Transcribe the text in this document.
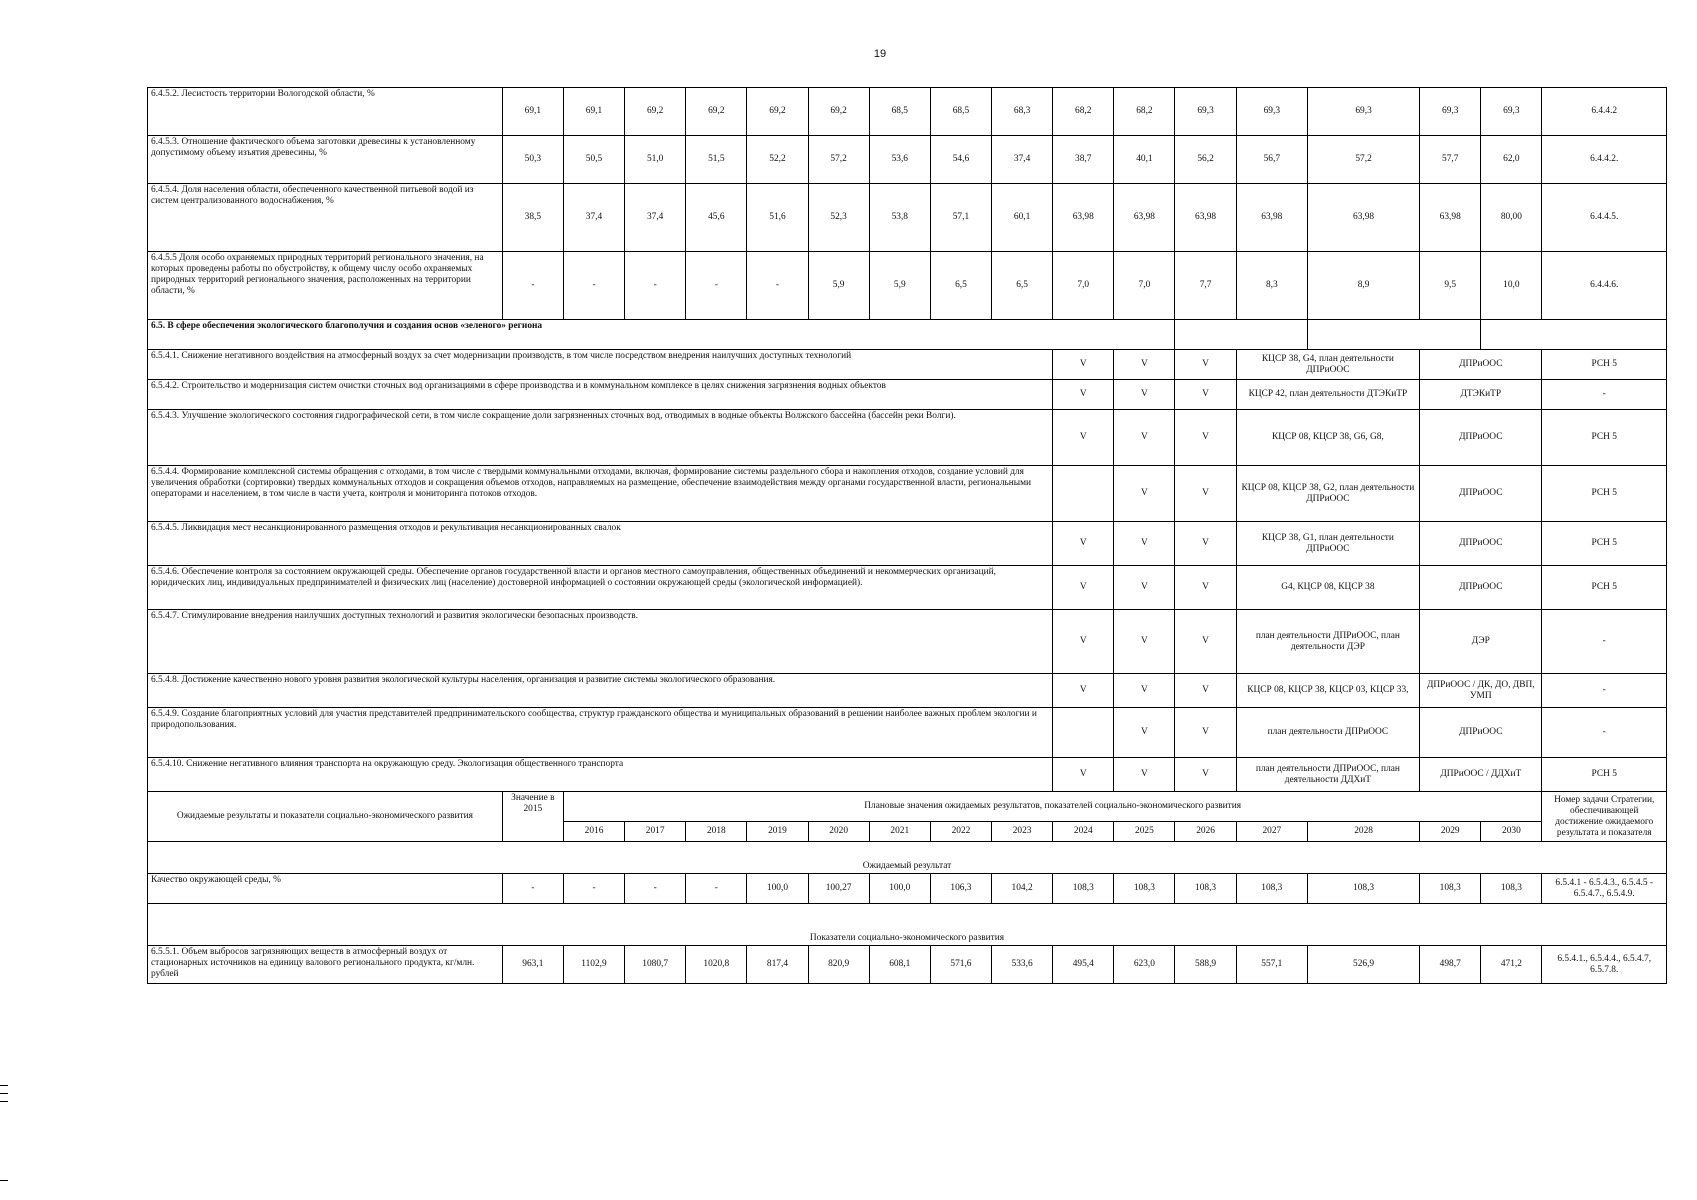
19
6.4.5.2. Лесистость территории Вологодской области, %	69,1	69,1	69,2	69,2	69,2	69,2	68,5	68,5	68,3	68,2	68,2	69,3	69,3	69,3	69,3	69,3	6.4.4.2
6.4.5.3. Отношение фактического объема заготовки древесины к установленному допустимому объему изъятия древесины, %	50,3	50,5	51,0	51,5	52,2	57,2	53,6	54,6	37,4	38,7	40,1	56,2	56,7	57,2	57,7	62,0	6.4.4.2.
6.4.5.4. Доля населения области, обеспеченного качественной питьевой водой из систем централизованного водоснабжения, %	38,5	37,4	37,4	45,6	51,6	52,3	53,8	57,1	60,1	63,98	63,98	63,98	63,98	63,98	63,98	80,00	6.4.4.5.
6.4.5.5 Доля особо охраняемых природных территорий регионального значения, на которых проведены работы по обустройству, к общему числу особо охраняемых природных территорий регионального значения, расположенных на территории области, %	-	-	-	-	-	5,9	5,9	6,5	6,5	7,0	7,0	7,7	8,3	8,9	9,5	10,0	6.4.4.6.
6.5. В сфере обеспечения экологического благополучия и создания основ «зеленого» региона																	
6.5.4.1. Снижение негативного воздействия на атмосферный воздух за счет модернизации производств, в том числе посредством внедрения наилучших доступных технологий										V	V	V	КЦСР 38, G4, план деятельности ДПРиООС		ДПРиООС		РСН 5
6.5.4.2. Строительство и модернизация систем очистки сточных вод организациями в сфере производства и в коммунальном комплексе в целях снижения загрязнения водных объектов										V	V	V	КЦСР 42, план деятельности ДТЭКиТР		ДТЭКиТР		-
6.5.4.3. Улучшение экологического состояния гидрографической сети, в том числе сокращение доли загрязненных сточных вод, отводимых в водные объекты Волжского бассейна (бассейн реки Волги).										V	V	V	КЦСР 08, КЦСР 38, G6, G8,		ДПРиООС		РСН 5
6.5.4.4. Формирование комплексной системы обращения с отходами, в том числе с твердыми коммунальными отходами, включая, формирование системы раздельного сбора и накопления отходов, создание условий для увеличения обработки (сортировки) твердых коммунальных отходов и сокращения объемов отходов, направляемых на размещение, обеспечение взаимодействия между органами государственной власти, региональными операторами и населением, в том числе в части учета, контроля и мониторинга потоков отходов.											V	V	КЦСР 08, КЦСР 38, G2, план деятельности ДПРиООС		ДПРиООС		РСН 5
6.5.4.5. Ликвидация мест несанкционированного размещения отходов и рекультивация несанкционированных свалок										V	V	V	КЦСР 38, G1, план деятельности ДПРиООС		ДПРиООС		РСН 5
6.5.4.6. Обеспечение контроля за состоянием окружающей среды. Обеспечение органов государственной власти и органов местного самоуправления, общественных объединений и некоммерческих организаций, юридических лиц, индивидуальных предпринимателей и физических лиц (население) достоверной информацией о состоянии окружающей среды (экологической информацией).										V	V	V	G4, КЦСР 08, КЦСР 38		ДПРиООС		РСН 5
6.5.4.7. Стимулирование внедрения наилучших доступных технологий и развития экологически безопасных производств.										V	V	V	план деятельности ДПРиООС, план деятельности ДЭР		ДЭР		-
6.5.4.8. Достижение качественно нового уровня развития экологической культуры населения, организация и развитие системы экологического образования.										V	V	V	КЦСР 08, КЦСР 38, КЦСР 03, КЦСР 33,		ДПРиООС / ДК, ДО, ДВП, УМП		-
6.5.4.9. Создание благоприятных условий для участия представителей предпринимательского сообщества, структур гражданского общества и муниципальных образований в решении наиболее важных проблем экологии и природопользования.											V	V	план деятельности ДПРиООС		ДПРиООС		-
6.5.4.10. Снижение негативного влияния транспорта на окружающую среду. Экологизация общественного транспорта										V	V	V	план деятельности ДПРиООС, план деятельности ДДХиТ		ДПРиООС / ДДХиТ		РСН 5
Ожидаемые результаты и показатели социально-экономического развития	Значение в 2015	Плановые значения ожидаемых результатов, показателей социально-экономического развития															Номер задачи Стратегии, обеспечивающей достижение ожидаемого результата и показателя
		2016	2017	2018	2019	2020	2021	2022	2023	2024	2025	2026	2027	2028	2029	2030	
Ожидаемый результат																	
Качество окружающей среды, %	-	-	-	-	100,0	100,27	100,0	106,3	104,2	108,3	108,3	108,3	108,3	108,3	108,3	108,3	6.5.4.1 - 6.5.4.3., 6.5.4.5 - 6.5.4.7., 6.5.4.9.
Показатели социально-экономического развития																	
6.5.5.1. Объем выбросов загрязняющих веществ в атмосферный воздух от стационарных источников на единицу валового регионального продукта, кг/млн. рублей	963,1	1102,9	1080,7	1020,8	817,4	820,9	608,1	571,6	533,6	495,4	623,0	588,9	557,1	526,9	498,7	471,2	6.5.4.1., 6.5.4.4., 6.5.4.7, 6.5.7.8.
